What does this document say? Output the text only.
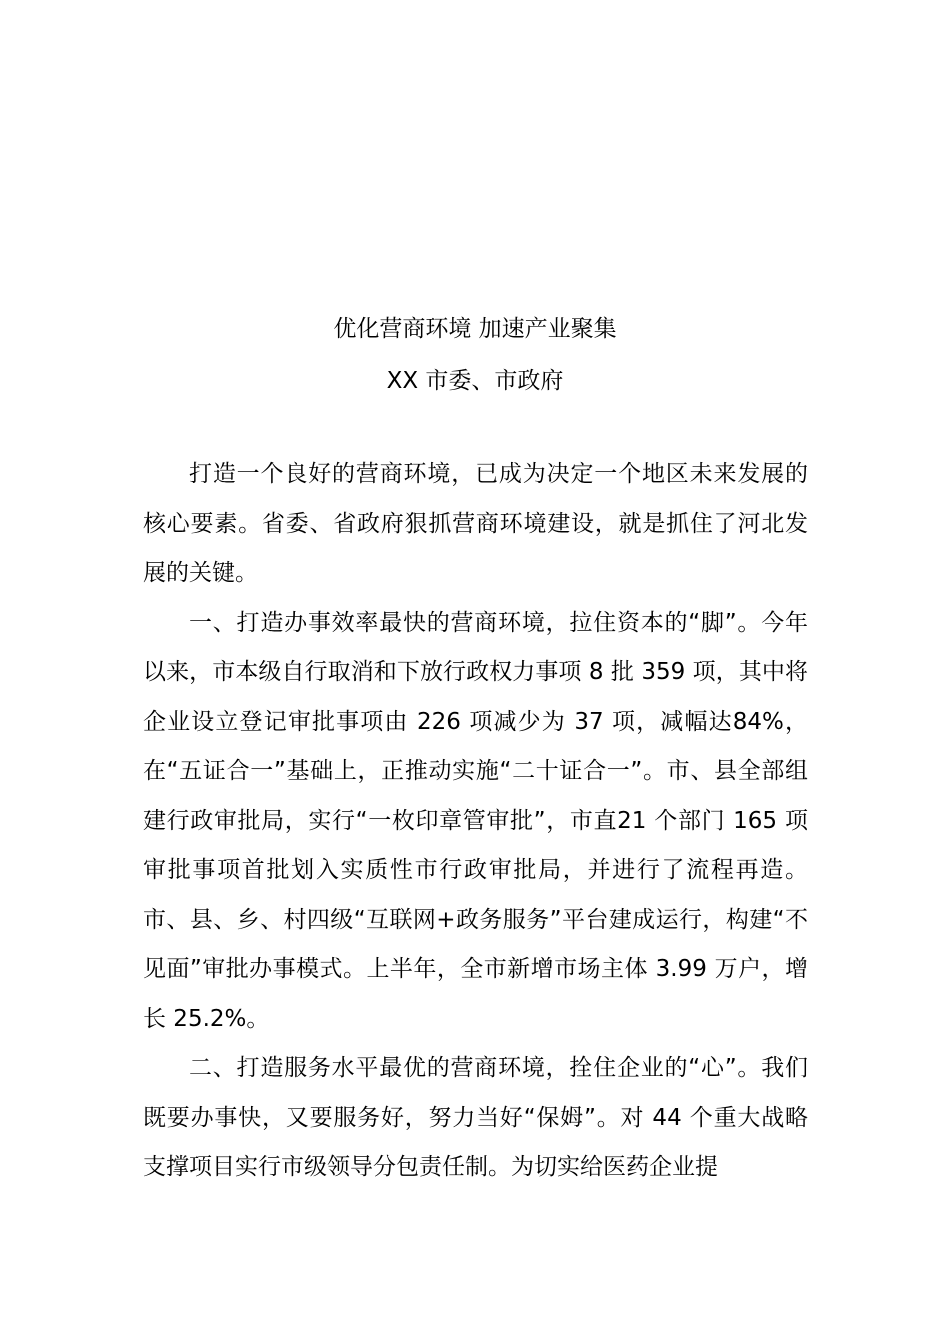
优化营商环境 加速产业聚集
XX 市委、市政府

打造一个良好的营商环境，已成为决定一个地区未来发展的核心要素。省委、省政府狠抓营商环境建设，就是抓住了河北发展的关键。

一、打造办事效率最快的营商环境，拉住资本的“脚”。今年以来，市本级自行取消和下放行政权力事项 8 批 359 项，其中将企业设立登记审批事项由 226 项减少为 37 项，减幅达84%，在“五证合一”基础上，正推动实施“二十证合一”。市、县全部组建行政审批局，实行“一枚印章管审批”，市直21 个部门 165 项审批事项首批划入实质性市行政审批局，并进行了流程再造。市、县、乡、村四级“互联网+政务服务”平台建成运行，构建“不见面”审批办事模式。上半年，全市新增市场主体 3.99 万户，增长 25.2%。

二、打造服务水平最优的营商环境，拴住企业的“心”。我们既要办事快，又要服务好，努力当好“保姆”。对 44 个重大战略支撑项目实行市级领导分包责任制。为切实给医药企业提
